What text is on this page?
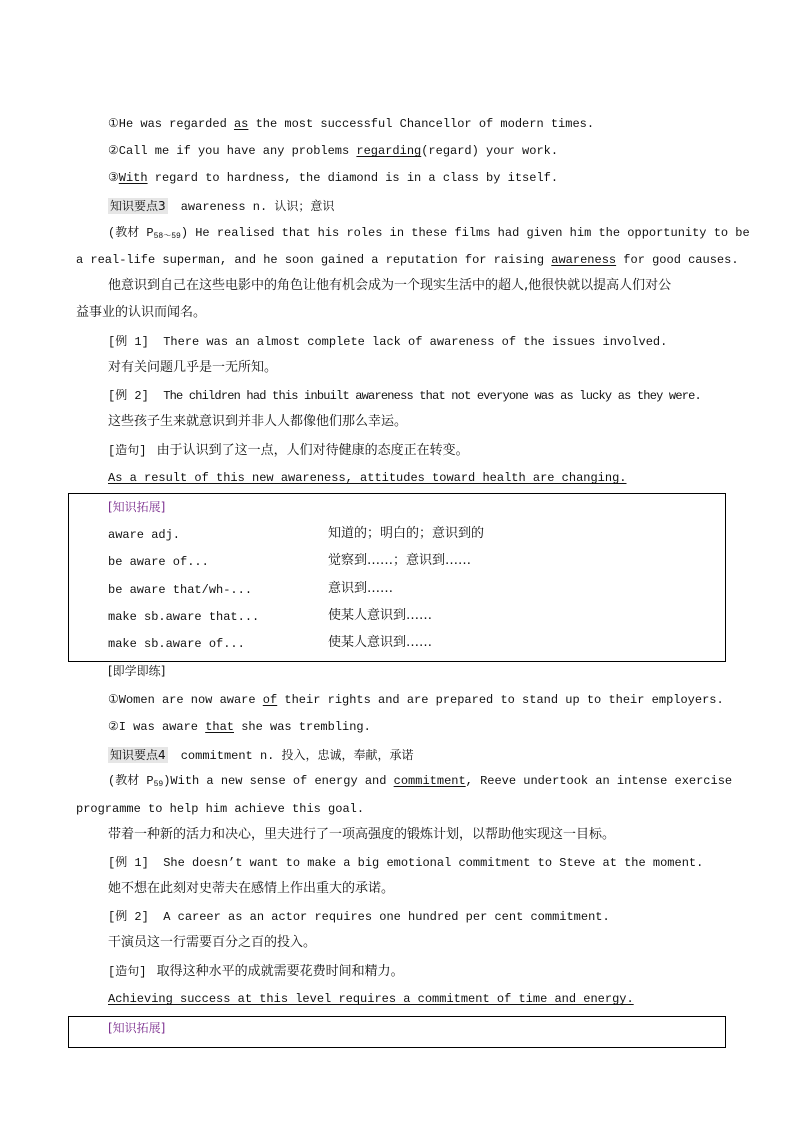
①He was regarded as the most successful Chancellor of modern times.
②Call me if you have any problems regarding(regard) your work.
③With regard to hardness, the diamond is in a class by itself.
知识要点3 awareness n. 认识；意识
(教材 $P_{58\sim 59}$) He realised that his roles in these films had given him the opportunity to be
a real-life superman, and he soon gained a reputation for raising awareness for good causes.
他意识到自己在这些电影中的角色让他有机会成为一个现实生活中的超人,他很快就以提高人们对公
益事业的认识而闻名。
[例 1] There was an almost complete lack of awareness of the issues involved.
对有关问题几乎是一无所知。
[例 2] The children had this inbuilt awareness that not everyone was as lucky as they were.
这些孩子生来就意识到并非人人都像他们那么幸运。
[造句] 由于认识到了这一点，人们对待健康的态度正在转变。
As a result of this new awareness, attitudes toward health are changing.
[知识拓展]
aware adj.	知道的；明白的；意识到的
be aware of...	觉察到……；意识到……
be aware that/wh-...	意识到……
make sb.aware that...	使某人意识到……
make sb.aware of...	使某人意识到……
[即学即练]
①Women are now aware of their rights and are prepared to stand up to their employers.
②I was aware that she was trembling.
知识要点4 commitment n. 投入，忠诚，奉献，承诺
(教材 $P_{59})With$ a new sense of energy and commitment, Reeve undertook an intense exercise
programme to help him achieve this goal.
带着一种新的活力和决心，里夫进行了一项高强度的锻炼计划，以帮助他实现这一目标。
[例 1] She doesn’t want to make a big emotional commitment to Steve at the moment.
她不想在此刻对史蒂夫在感情上作出重大的承诺。
[例 2] A career as an actor requires one hundred per cent commitment.
干演员这一行需要百分之百的投入。
[造句] 取得这种水平的成就需要花费时间和精力。
Achieving success at this level requires a commitment of time and energy.
[知识拓展]
